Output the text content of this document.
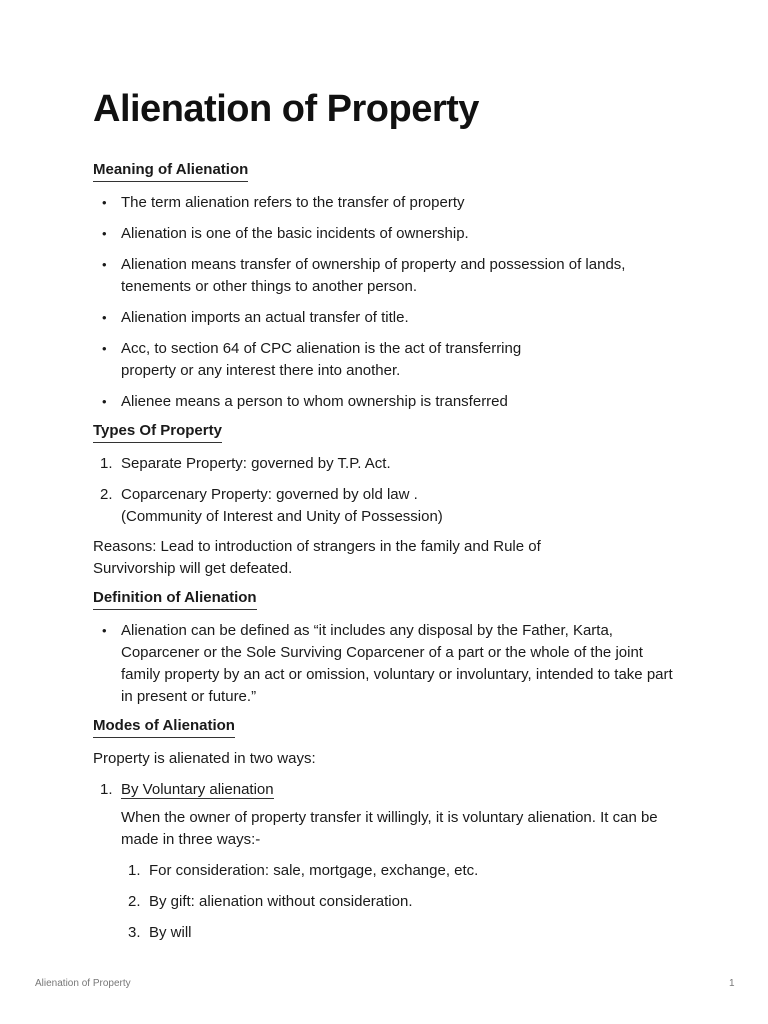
Alienation of Property
Meaning of Alienation
• The term alienation refers to the transfer of property
• Alienation is one of the basic incidents of ownership.
• Alienation means transfer of ownership of property and possession of lands, tenements or other things to another person.
• Alienation imports an actual transfer of title.
• Acc, to section 64 of CPC alienation is the act of transferring property or any interest there into another.
• Alienee means a person to whom ownership is transferred
Types Of Property
1. Separate Property: governed by T.P. Act.
2. Coparcenary Property: governed by old law .
(Community of Interest and Unity of Possession)

Reasons: Lead to introduction of strangers in the family and Rule of Survivorship will get defeated.

Definition of Alienation
• Alienation can be defined as “it includes any disposal by the Father, Karta, Coparcener or the Sole Surviving Coparcener of a part or the whole of the joint family property by an act or omission, voluntary or involuntary, intended to take part in present or future.”
Modes of Alienation

Property is alienated in two ways:

1. By Voluntary alienation

When the owner of property transfer it willingly, it is voluntary alienation. It can be made in three ways:-

1. For consideration: sale, mortgage, exchange, etc.
2. By gift: alienation without consideration.
3. By will
Alienation of Property	1
